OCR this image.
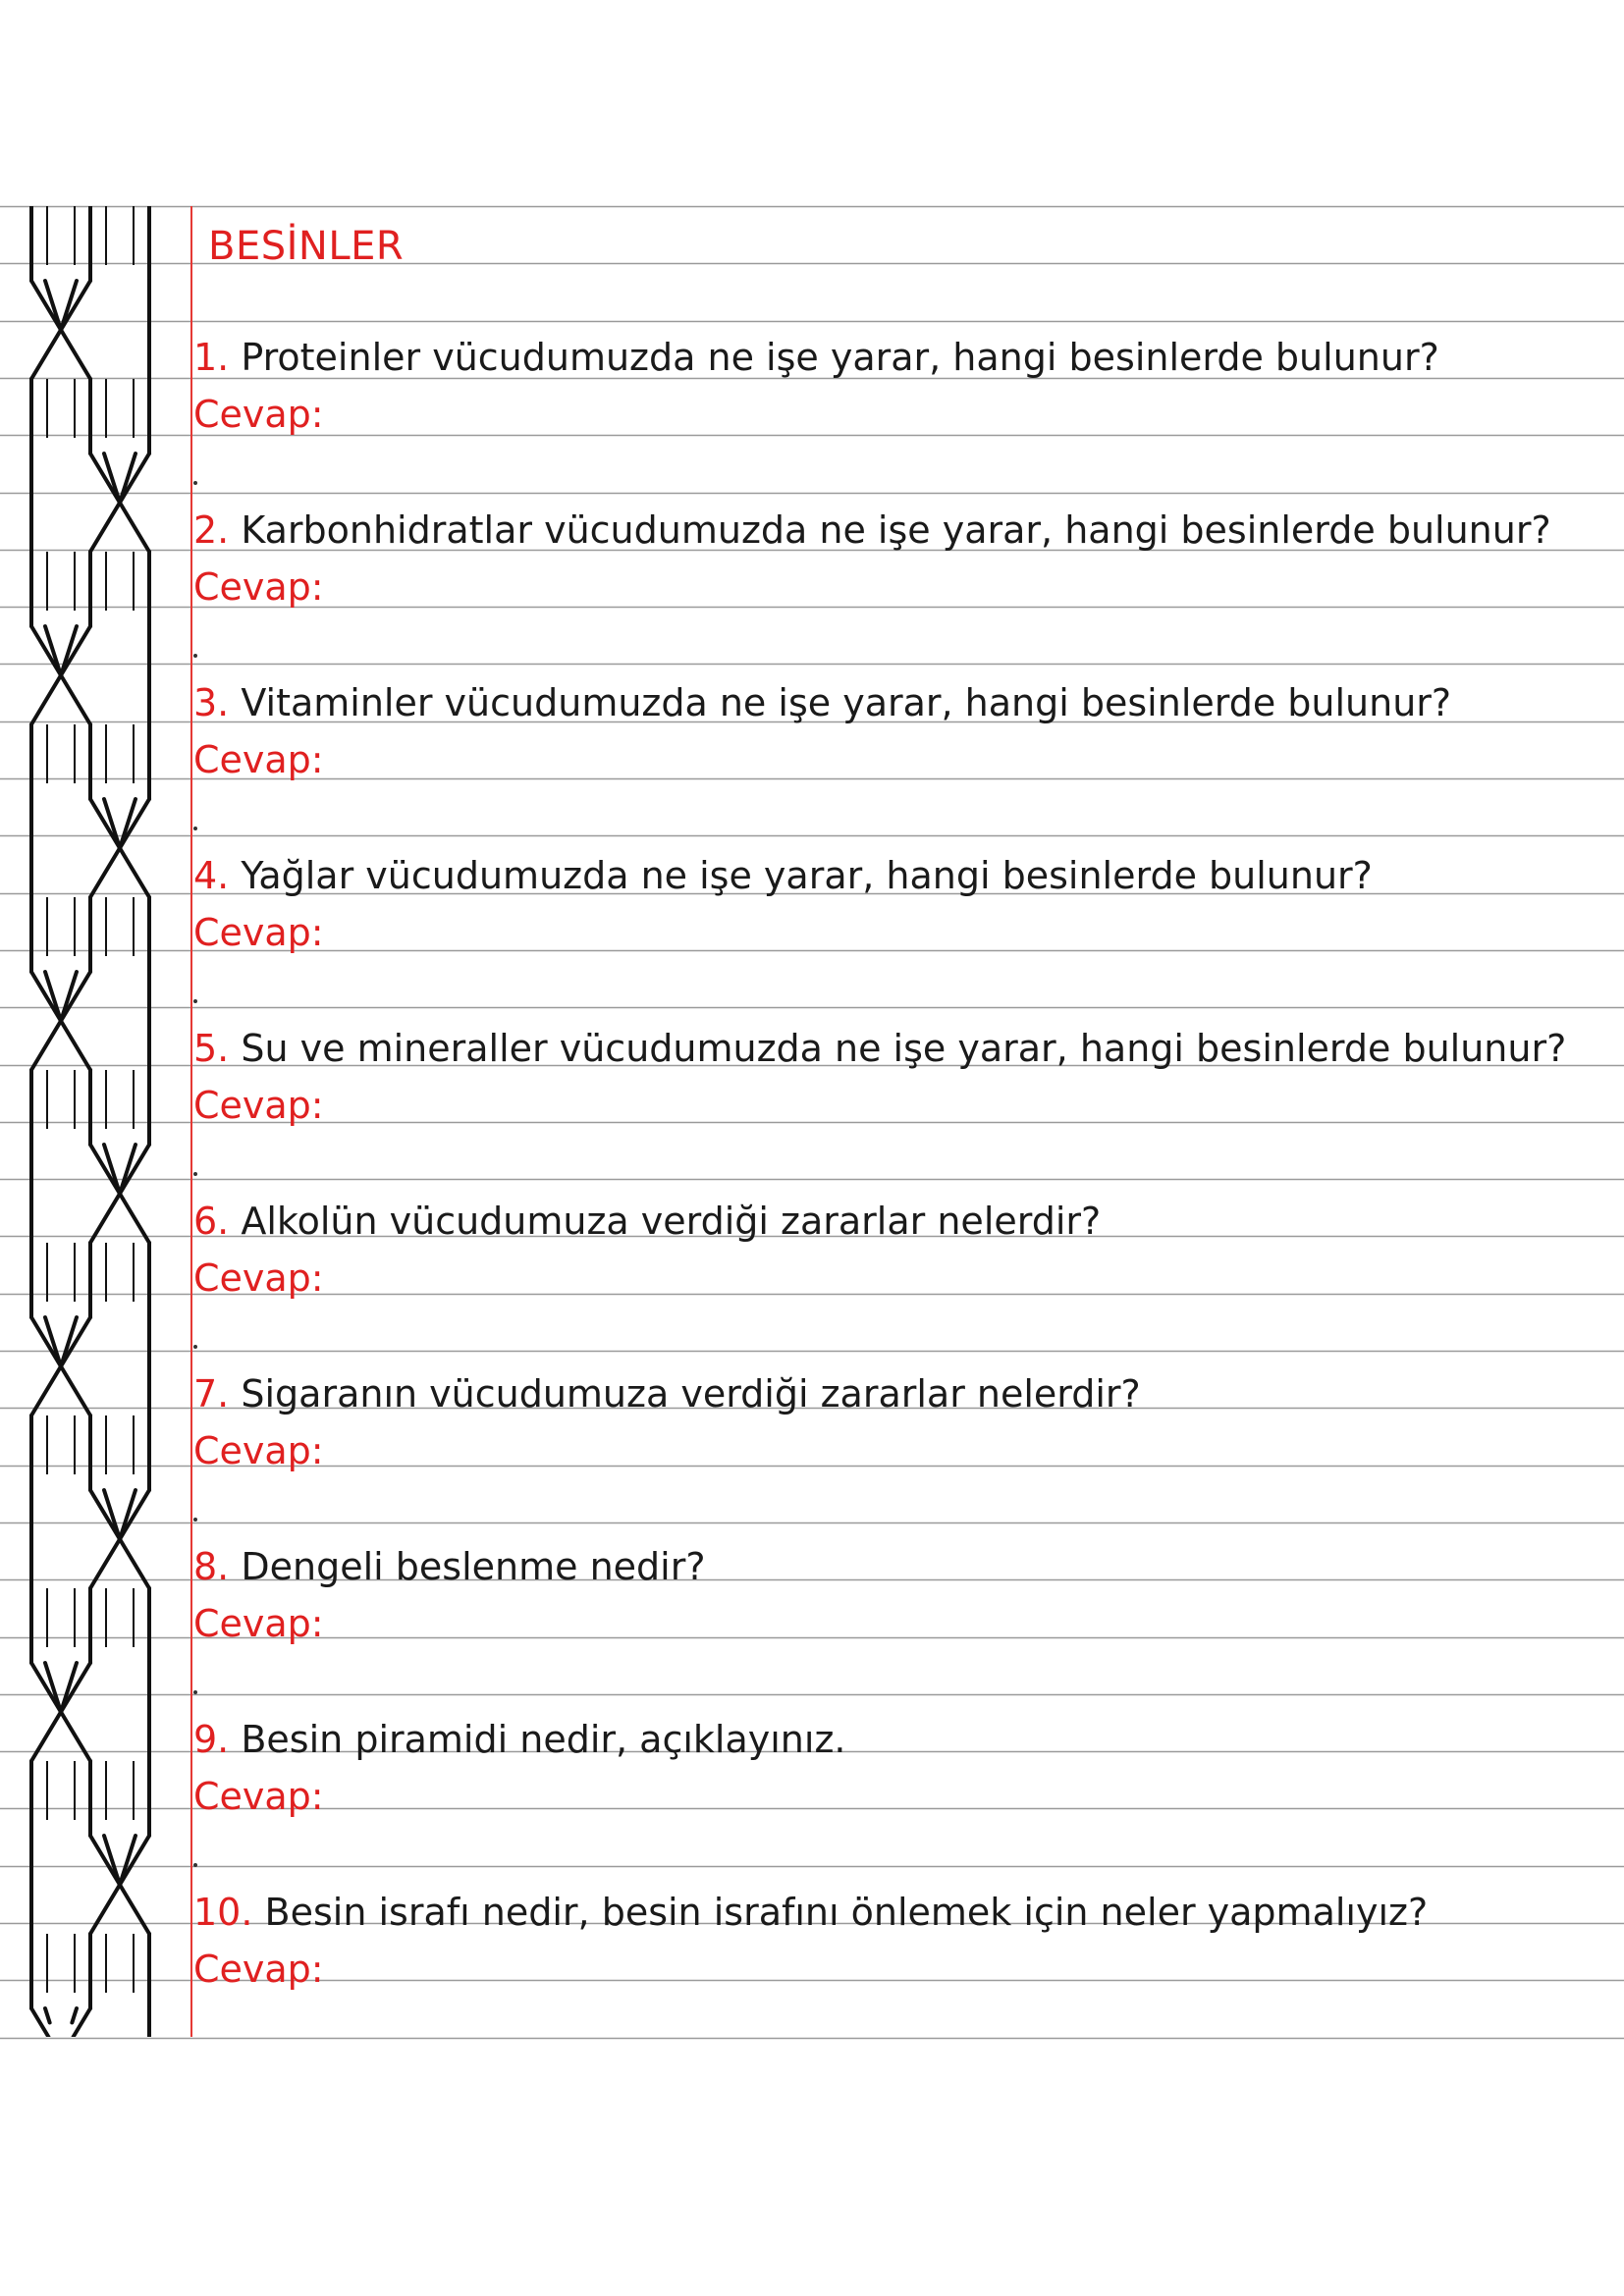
BESİNLER
1. Proteinler vücudumuzda ne işe yarar, hangi besinlerde bulunur?
Cevap:
2. Karbonhidratlar vücudumuzda ne işe yarar, hangi besinlerde bulunur?
Cevap:
3. Vitaminler vücudumuzda ne işe yarar, hangi besinlerde bulunur?
Cevap:
4. Yağlar vücudumuzda ne işe yarar, hangi besinlerde bulunur?
Cevap:
5. Su ve mineraller vücudumuzda ne işe yarar, hangi besinlerde bulunur?
Cevap:
6. Alkolün vücudumuza verdiği zararlar nelerdir?
Cevap:
7. Sigaranın vücudumuza verdiği zararlar nelerdir?
Cevap:
8. Dengeli beslenme nedir?
Cevap:
9. Besin piramidi nedir, açıklayınız.
Cevap:
10. Besin israfı nedir, besin israfını önlemek için neler yapmalıyız?
Cevap:
